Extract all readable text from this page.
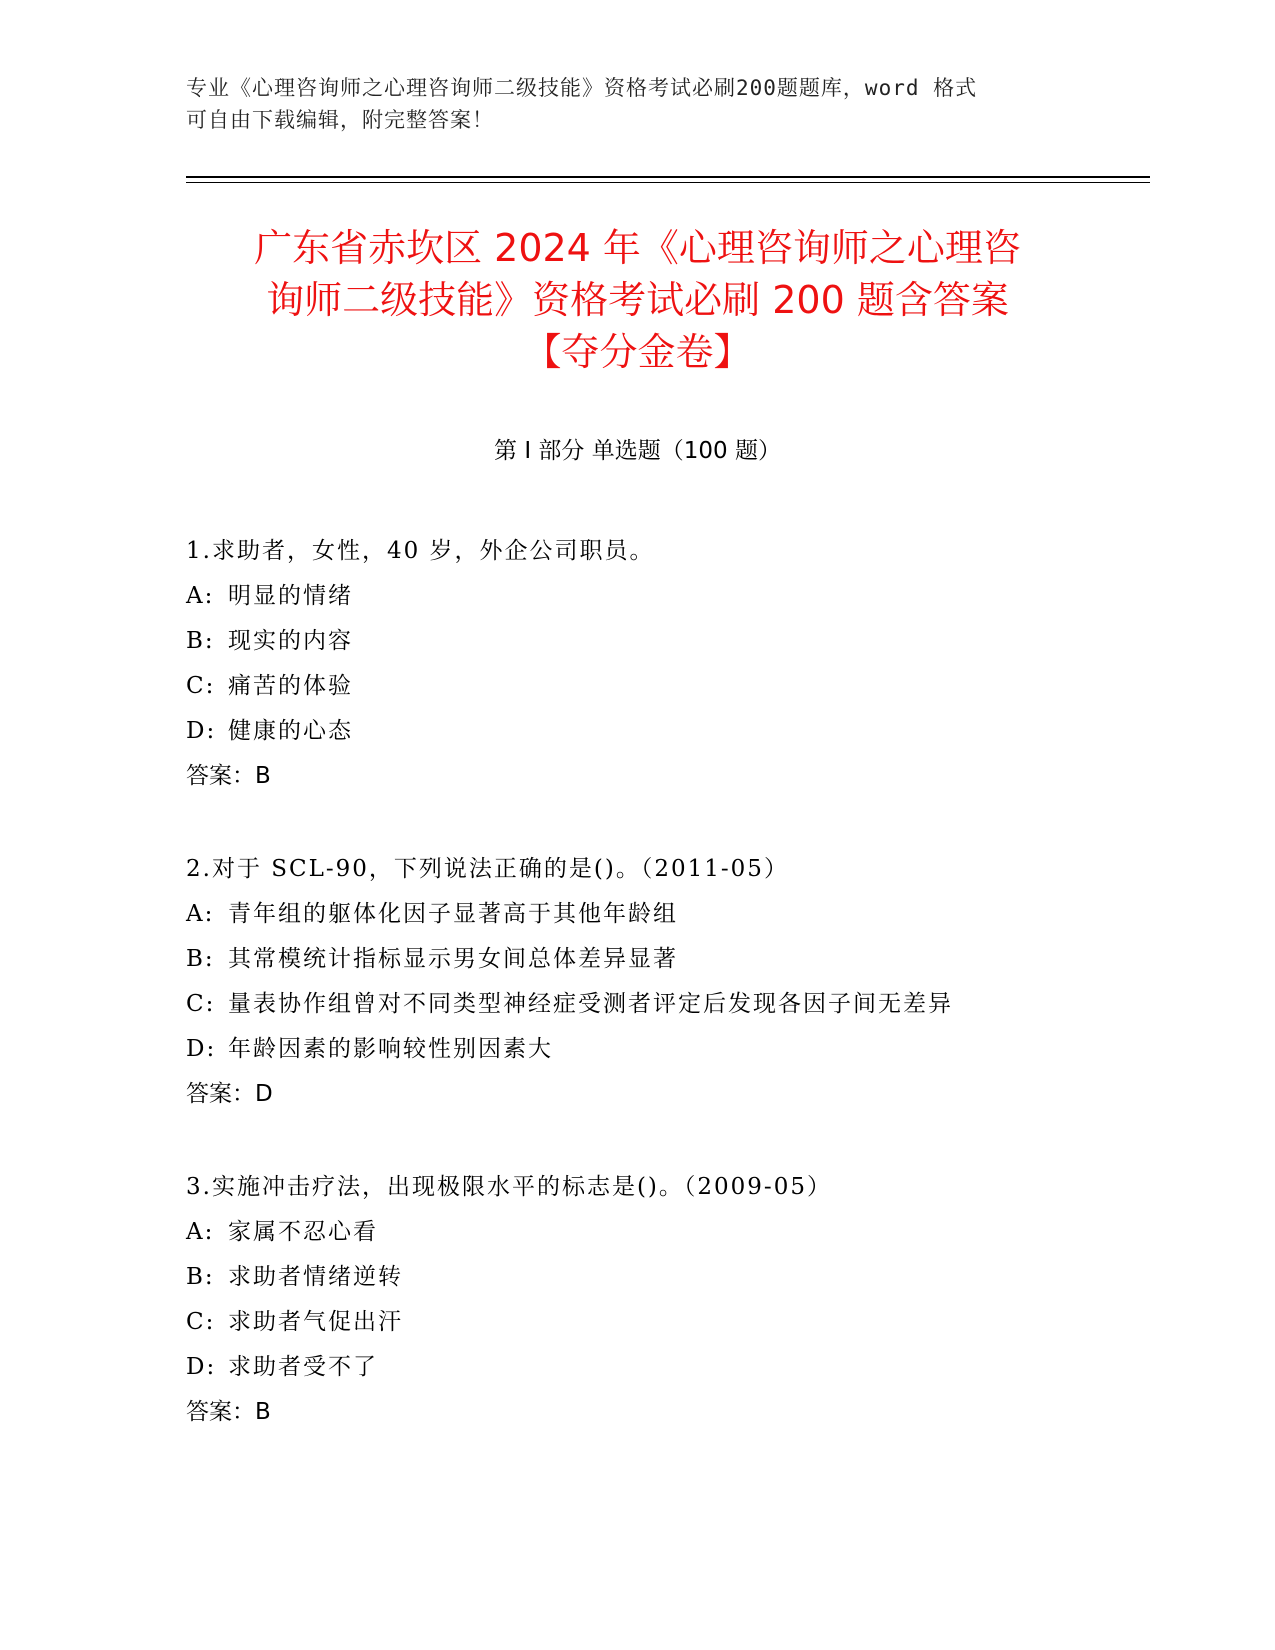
专业《心理咨询师之心理咨询师二级技能》资格考试必刷200题题库，word 格式
可自由下载编辑，附完整答案！
广东省赤坎区 2024 年《心理咨询师之心理咨
询师二级技能》资格考试必刷 200 题含答案
【夺分金卷】
第 I 部分 单选题（100 题）
1.求助者，女性，40 岁，外企公司职员。
A: 明显的情绪
B: 现实的内容
C: 痛苦的体验
D: 健康的心态
答案：B
2.对于 SCL-90，下列说法正确的是()。（2011-05）
A: 青年组的躯体化因子显著高于其他年龄组
B: 其常模统计指标显示男女间总体差异显著
C: 量表协作组曾对不同类型神经症受测者评定后发现各因子间无差异
D: 年龄因素的影响较性别因素大
答案：D
3.实施冲击疗法，出现极限水平的标志是()。（2009-05）
A: 家属不忍心看
B: 求助者情绪逆转
C: 求助者气促出汗
D: 求助者受不了
答案：B
